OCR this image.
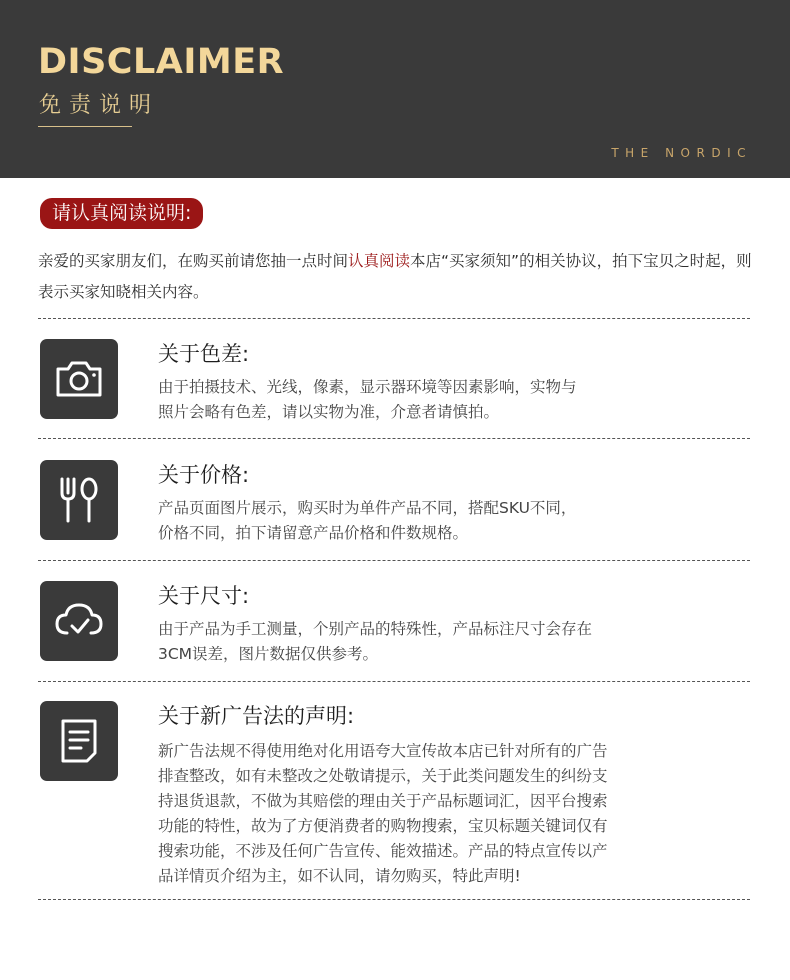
DISCLAIMER
免责说明
THE NORDIC
请认真阅读说明:
亲爱的买家朋友们，在购买前请您抽一点时间认真阅读本店“买家须知”的相关协议，拍下宝贝之时起，则表示买家知晓相关内容。
关于色差:
由于拍摄技术、光线，像素，显示器环境等因素影响，实物与
照片会略有色差，请以实物为准，介意者请慎拍。
关于价格:
产品页面图片展示，购买时为单件产品不同，搭配SKU不同，
价格不同，拍下请留意产品价格和件数规格。
关于尺寸:
由于产品为手工测量，个别产品的特殊性，产品标注尺寸会存在
3CM误差，图片数据仅供参考。
关于新广告法的声明:
新广告法规不得使用绝对化用语夸大宣传故本店已针对所有的广告
排查整改，如有未整改之处敬请提示，关于此类问题发生的纠纷支
持退货退款，不做为其赔偿的理由关于产品标题词汇，因平台搜索
功能的特性，故为了方便消费者的购物搜索，宝贝标题关键词仅有
搜索功能，不涉及任何广告宣传、能效描述。产品的特点宣传以产
品详情页介绍为主，如不认同，请勿购买，特此声明!
